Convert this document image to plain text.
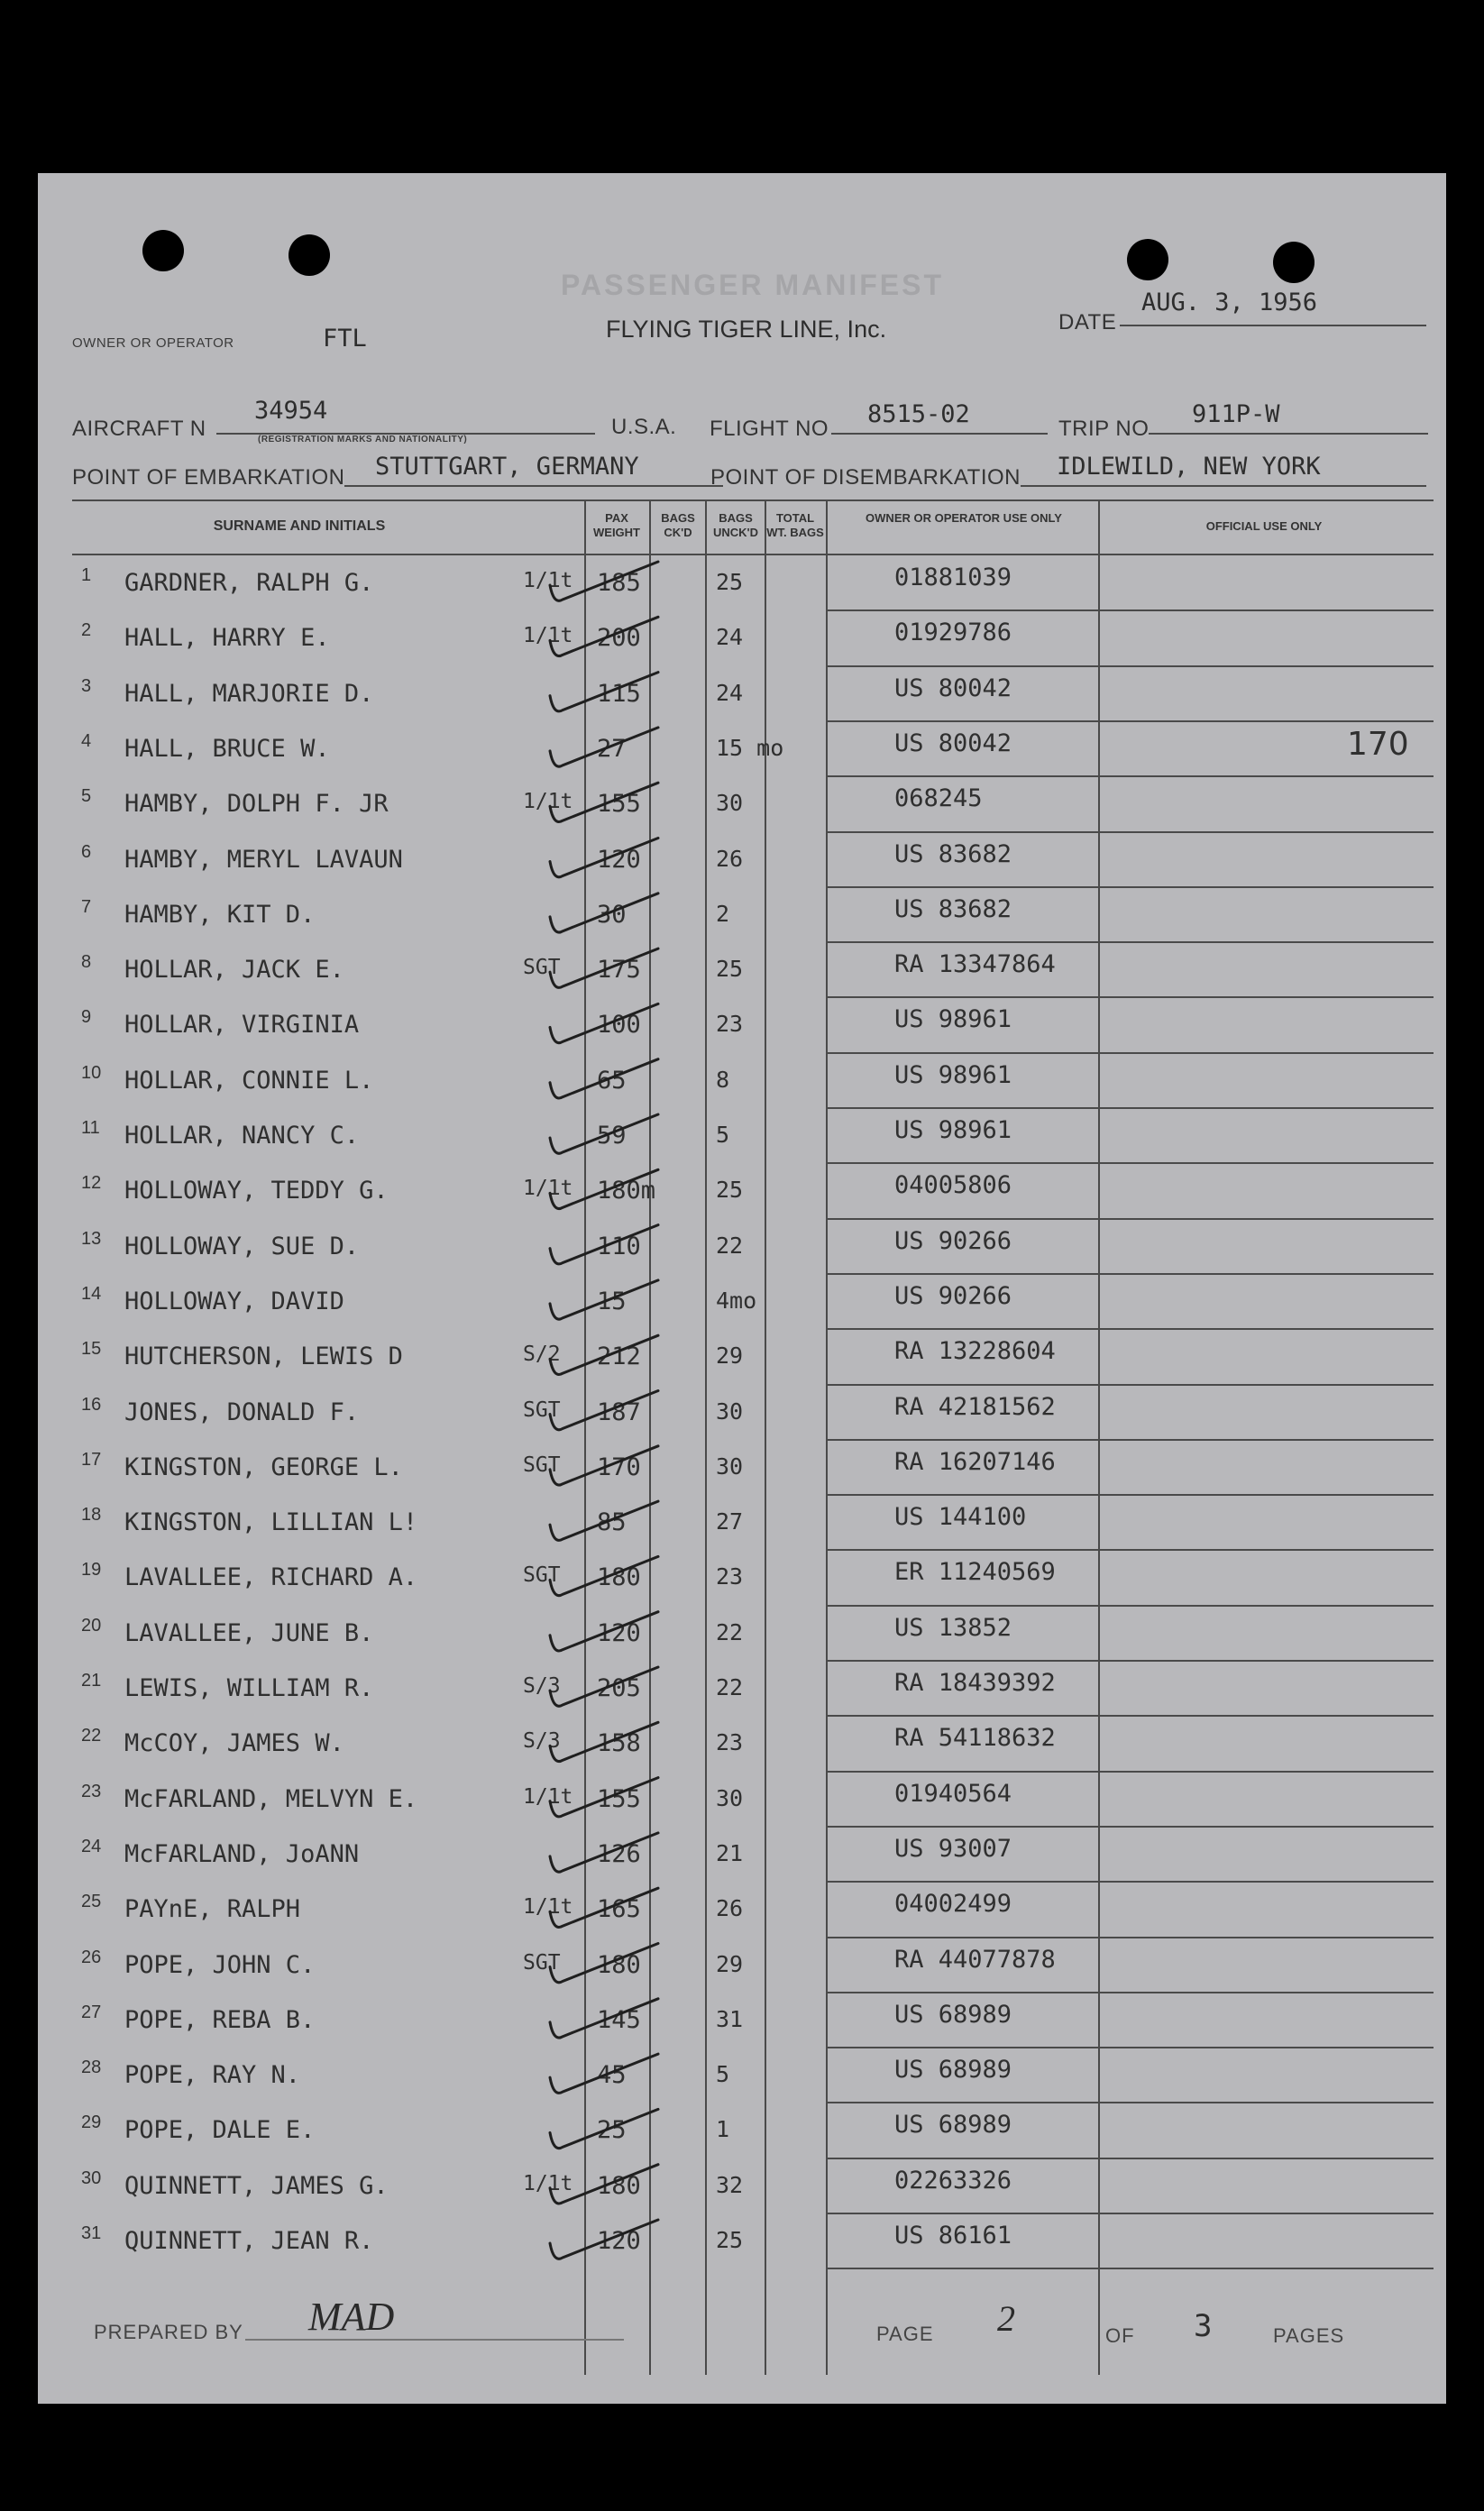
PASSENGER MANIFEST
FLYING TIGER LINE, Inc.
OWNER OR OPERATOR	FTL
DATE
AUG. 3, 1956
AIRCRAFT N
34954
(REGISTRATION MARKS AND NATIONALITY)
U.S.A. FLIGHT NO
8515-02
TRIP NO
911P-W
POINT OF EMBARKATION STUTTGART, GERMANY	POINT OF DISEMBARKATION IDLEWILD, NEW YORK
SURNAME AND INITIALS
PAX WEIGHT
BAGS CK'D
BAGS UNCK'D
TOTAL WT. BAGS
OWNER OR OPERATOR USE ONLY
OFFICIAL USE ONLY
1 GARDNER, RALPH G.	1/1t 185	25	01881039
2 HALL, HARRY E.	1/1t 200	24	01929786
3 HALL, MARJORIE D.	115	24	US 80042
4 HALL, BRUCE W.	27	15 mo	US 80042	170
5 HAMBY, DOLPH F. JR	1/1t 155	30	068245
6 HAMBY, MERYL LAVAUN	120	26	US 83682
7 HAMBY, KIT D.	30	2	US 83682
8 HOLLAR, JACK E.	SGT 175	25	RA 13347864
9 HOLLAR, VIRGINIA	100	23	US 98961
10 HOLLAR, CONNIE L.	65	8	US 98961
11 HOLLAR, NANCY C.	59	5	US 98961
12 HOLLOWAY, TEDDY G.	1/1t 180m	25	04005806
13 HOLLOWAY, SUE D.	110	22	US 90266
14 HOLLOWAY, DAVID	15	4mo	US 90266
15 HUTCHERSON, LEWIS D	S/2 212	29	RA 13228604
16 JONES, DONALD F.	SGT 187	30	RA 42181562
17 KINGSTON, GEORGE L.	SGT 170	30	RA 16207146
18 KINGSTON, LILLIAN L!	85	27	US 144100
19 LAVALLEE, RICHARD A.	SGT 180	23	ER 11240569
20 LAVALLEE, JUNE B.	120	22	US 13852
21 LEWIS, WILLIAM R.	S/3 205	22	RA 18439392
22 McCOY, JAMES W.	S/3 158	23	RA 54118632
23 McFARLAND, MELVYN E.	1/1t 155	30	01940564
24 McFARLAND, JoANN	126	21	US 93007
25 PAYnE, RALPH	1/1t 165	26	04002499
26 POPE, JOHN C.	SGT 180	29	RA 44077878
27 POPE, REBA B.	145	31	US 68989
28 POPE, RAY N.	45	5	US 68989
29 POPE, DALE E.	25	1	US 68989
30 QUINNETT, JAMES G.	1/1t 180	32	02263326
31 QUINNETT, JEAN R.	120	25	US 86161
PREPARED BY MAD	PAGE 2	OF 3	PAGES
